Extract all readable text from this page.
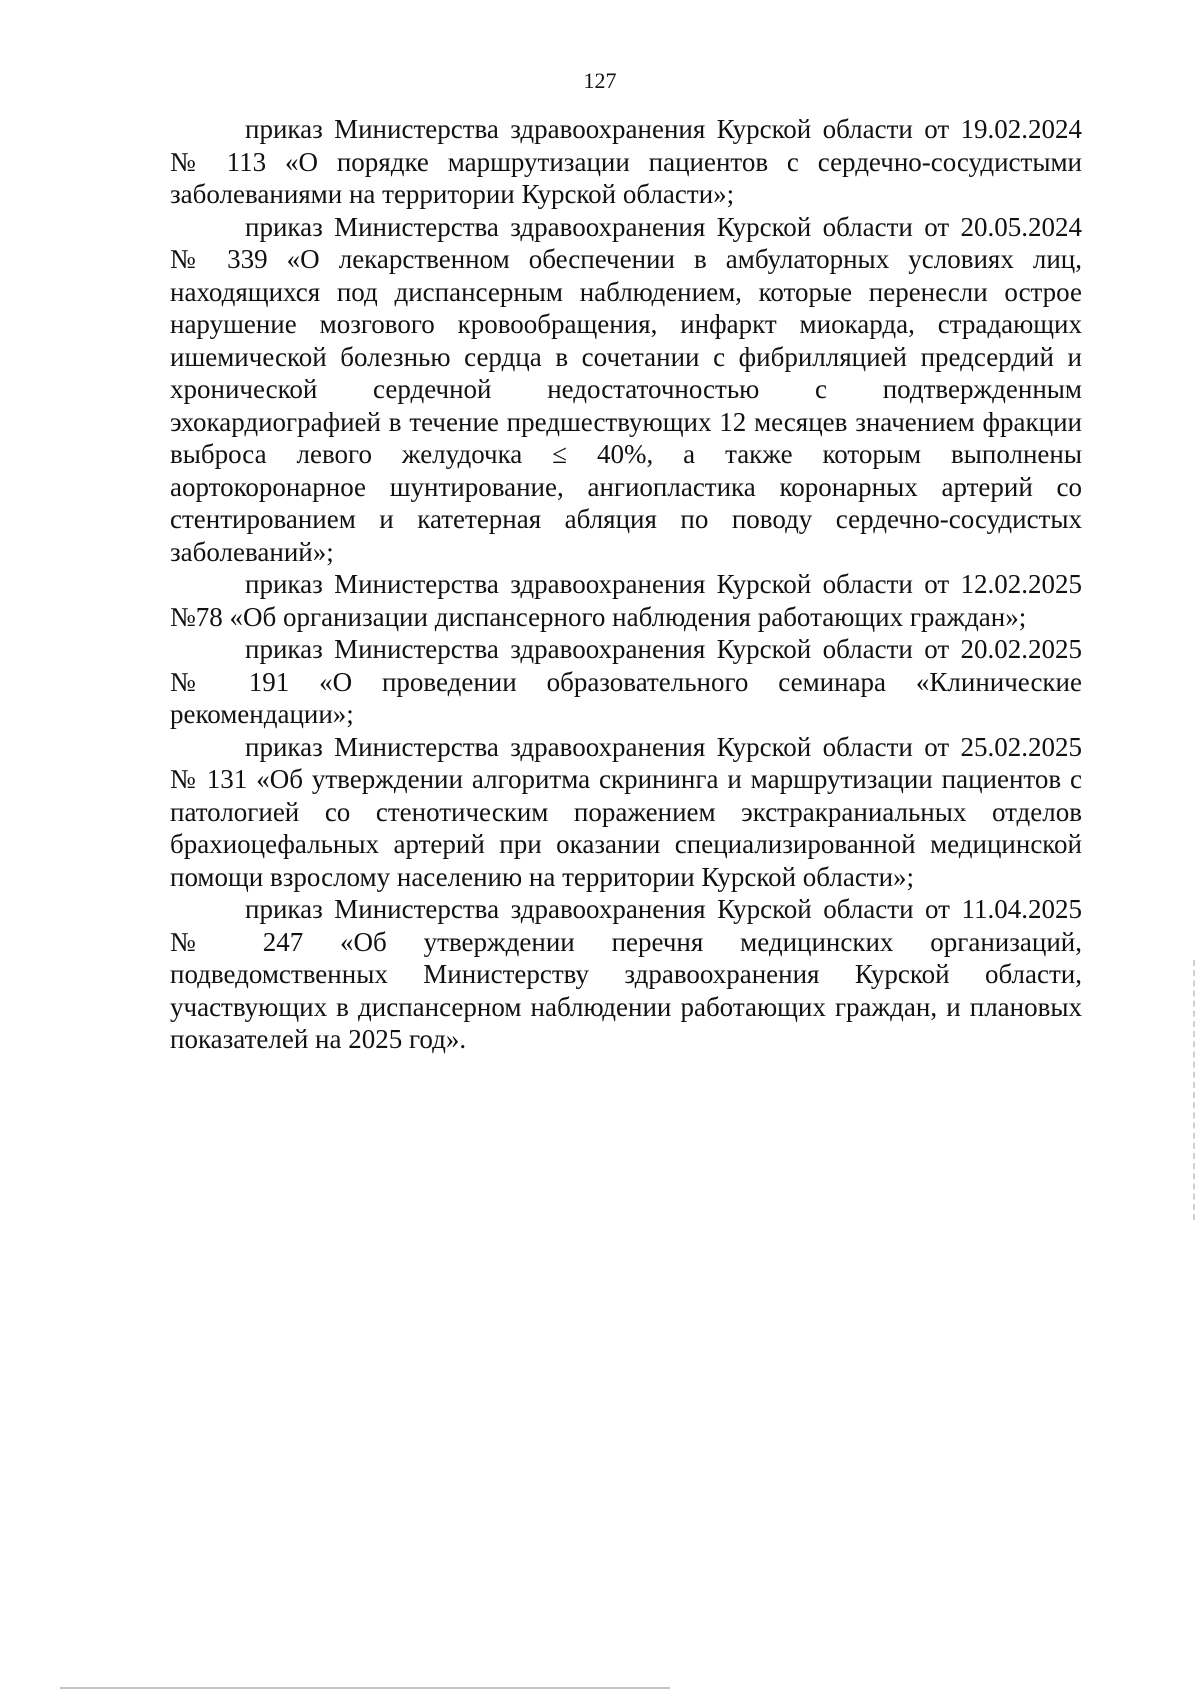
127

приказ Министерства здравоохранения Курской области от 19.02.2024 № 113 «О порядке маршрутизации пациентов с сердечно-сосудистыми заболеваниями на территории Курской области»;

приказ Министерства здравоохранения Курской области от 20.05.2024 № 339 «О лекарственном обеспечении в амбулаторных условиях лиц, находящихся под диспансерным наблюдением, которые перенесли острое нарушение мозгового кровообращения, инфаркт миокарда, страдающих ишемической болезнью сердца в сочетании с фибрилляцией предсердий и хронической сердечной недостаточностью с подтвержденным эхокардиографией в течение предшествующих 12 месяцев значением фракции выброса левого желудочка ≤ 40%, а также которым выполнены аортокоронарное шунтирование, ангиопластика коронарных артерий со стентированием и катетерная абляция по поводу сердечно-сосудистых заболеваний»;

приказ Министерства здравоохранения Курской области от 12.02.2025 №78 «Об организации диспансерного наблюдения работающих граждан»;

приказ Министерства здравоохранения Курской области от 20.02.2025 № 191 «О проведении образовательного семинара «Клинические рекомендации»;

приказ Министерства здравоохранения Курской области от 25.02.2025 № 131 «Об утверждении алгоритма скрининга и маршрутизации пациентов с патологией со стенотическим поражением экстракраниальных отделов брахиоцефальных артерий при оказании специализированной медицинской помощи взрослому населению на территории Курской области»;

приказ Министерства здравоохранения Курской области от 11.04.2025 № 247 «Об утверждении перечня медицинских организаций, подведомственных Министерству здравоохранения Курской области, участвующих в диспансерном наблюдении работающих граждан, и плановых показателей на 2025 год».
